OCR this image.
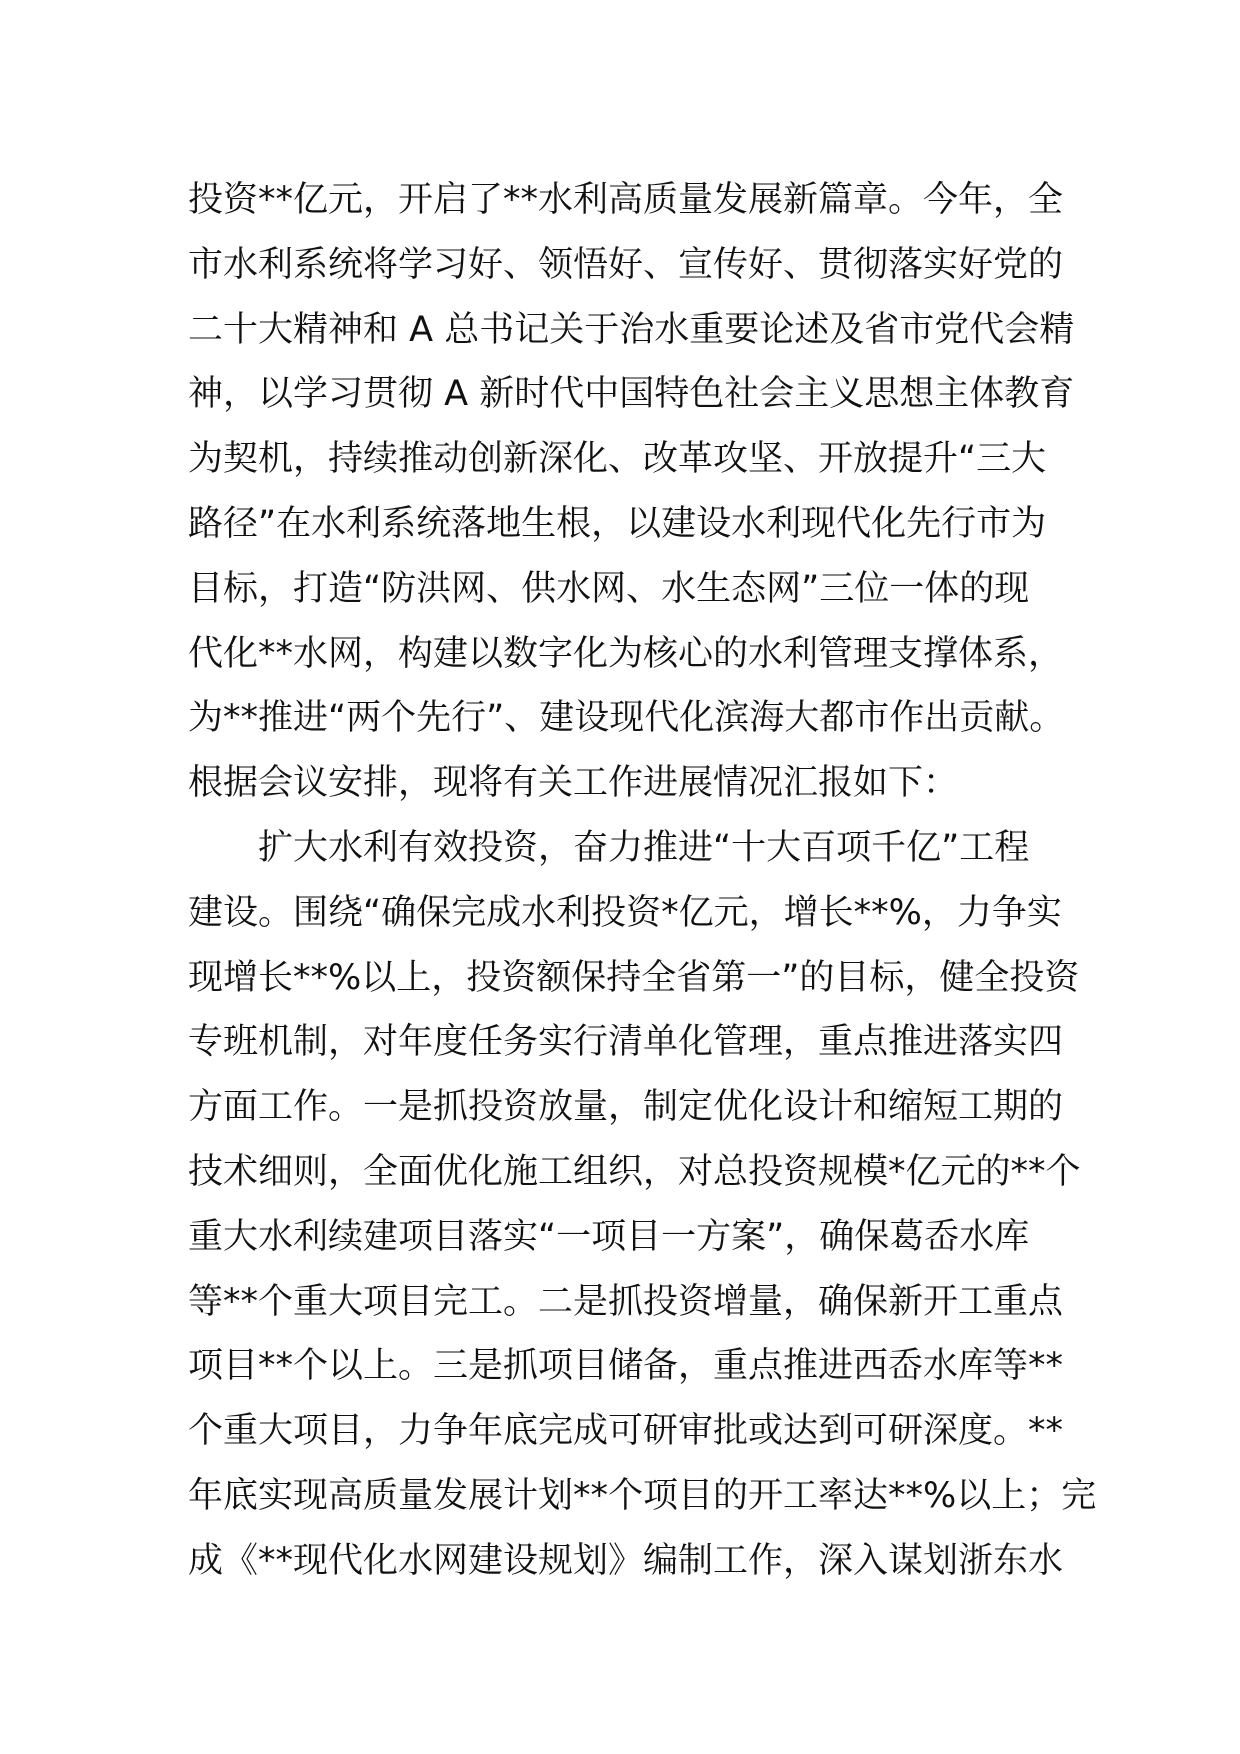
投资**亿元，开启了**水利高质量发展新篇章。今年，全
市水利系统将学习好、领悟好、宣传好、贯彻落实好党的
二十大精神和 A 总书记关于治水重要论述及省市党代会精
神，以学习贯彻 A 新时代中国特色社会主义思想主体教育
为契机，持续推动创新深化、改革攻坚、开放提升“三大
路径”在水利系统落地生根，以建设水利现代化先行市为
目标，打造“防洪网、供水网、水生态网”三位一体的现
代化**水网，构建以数字化为核心的水利管理支撑体系，
为**推进“两个先行”、建设现代化滨海大都市作出贡献。
根据会议安排，现将有关工作进展情况汇报如下：
扩大水利有效投资，奋力推进“十大百项千亿”工程
建设。围绕“确保完成水利投资*亿元，增长**%，力争实
现增长**%以上，投资额保持全省第一”的目标，健全投资
专班机制，对年度任务实行清单化管理，重点推进落实四
方面工作。一是抓投资放量，制定优化设计和缩短工期的
技术细则，全面优化施工组织，对总投资规模*亿元的**个
重大水利续建项目落实“一项目一方案”，确保葛岙水库
等**个重大项目完工。二是抓投资增量，确保新开工重点
项目**个以上。三是抓项目储备，重点推进西岙水库等**
个重大项目，力争年底完成可研审批或达到可研深度。**
年底实现高质量发展计划**个项目的开工率达**%以上；完
成《**现代化水网建设规划》编制工作，深入谋划浙东水
